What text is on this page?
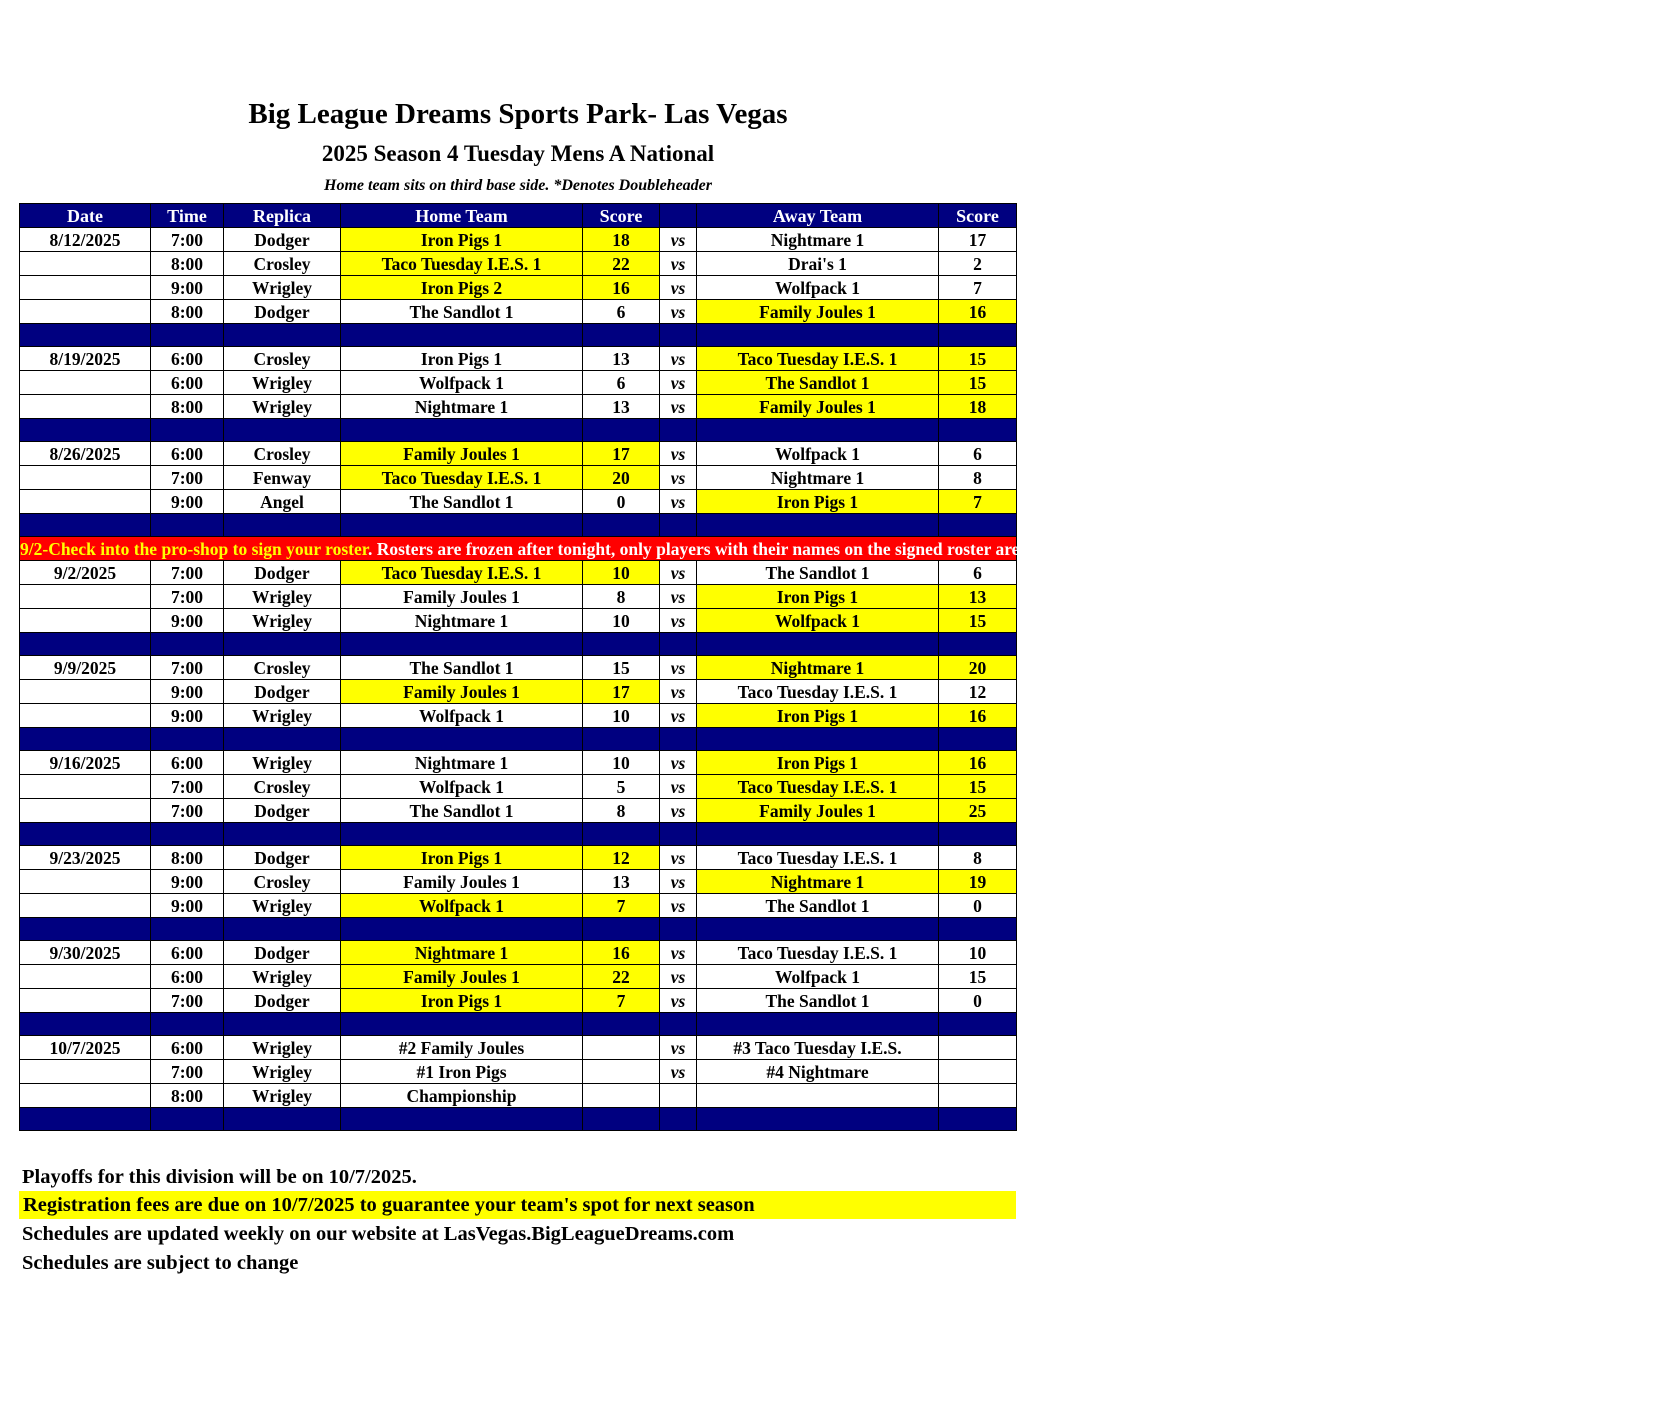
Big League Dreams Sports Park- Las Vegas
2025 Season 4 Tuesday Mens A National
Home team sits on third base side. *Denotes Doubleheader
Date	Time	Replica	Home Team	Score		Away Team	Score
8/12/2025	7:00	Dodger	Iron Pigs 1	18	vs	Nightmare 1	17
	8:00	Crosley	Taco Tuesday I.E.S. 1	22	vs	Drai's 1	2
	9:00	Wrigley	Iron Pigs 2	16	vs	Wolfpack 1	7
	8:00	Dodger	The Sandlot 1	6	vs	Family Joules 1	16

8/19/2025	6:00	Crosley	Iron Pigs 1	13	vs	Taco Tuesday I.E.S. 1	15
	6:00	Wrigley	Wolfpack 1	6	vs	The Sandlot 1	15
	8:00	Wrigley	Nightmare 1	13	vs	Family Joules 1	18

8/26/2025	6:00	Crosley	Family Joules 1	17	vs	Wolfpack 1	6
	7:00	Fenway	Taco Tuesday I.E.S. 1	20	vs	Nightmare 1	8
	9:00	Angel	The Sandlot 1	0	vs	Iron Pigs 1	7

9/2-Check into the pro-shop to sign your roster. Rosters are frozen after tonight, only players with their names on the signed roster are eligible for playoffs. Please check carefully as changes will not be made for omissions.							
9/2/2025	7:00	Dodger	Taco Tuesday I.E.S. 1	10	vs	The Sandlot 1	6
	7:00	Wrigley	Family Joules 1	8	vs	Iron Pigs 1	13
	9:00	Wrigley	Nightmare 1	10	vs	Wolfpack 1	15

9/9/2025	7:00	Crosley	The Sandlot 1	15	vs	Nightmare 1	20
	9:00	Dodger	Family Joules 1	17	vs	Taco Tuesday I.E.S. 1	12
	9:00	Wrigley	Wolfpack 1	10	vs	Iron Pigs 1	16

9/16/2025	6:00	Wrigley	Nightmare 1	10	vs	Iron Pigs 1	16
	7:00	Crosley	Wolfpack 1	5	vs	Taco Tuesday I.E.S. 1	15
	7:00	Dodger	The Sandlot 1	8	vs	Family Joules 1	25

9/23/2025	8:00	Dodger	Iron Pigs 1	12	vs	Taco Tuesday I.E.S. 1	8
	9:00	Crosley	Family Joules 1	13	vs	Nightmare 1	19
	9:00	Wrigley	Wolfpack 1	7	vs	The Sandlot 1	0

9/30/2025	6:00	Dodger	Nightmare 1	16	vs	Taco Tuesday I.E.S. 1	10
	6:00	Wrigley	Family Joules 1	22	vs	Wolfpack 1	15
	7:00	Dodger	Iron Pigs 1	7	vs	The Sandlot 1	0

10/7/2025	6:00	Wrigley	#2 Family Joules		vs	#3 Taco Tuesday I.E.S.	
	7:00	Wrigley	#1 Iron Pigs		vs	#4 Nightmare	
	8:00	Wrigley	Championship				

Playoffs for this division will be on 10/7/2025.
Registration fees are due on 10/7/2025 to guarantee your team's spot for next season
Schedules are updated weekly on our website at LasVegas.BigLeagueDreams.com
Schedules are subject to change
